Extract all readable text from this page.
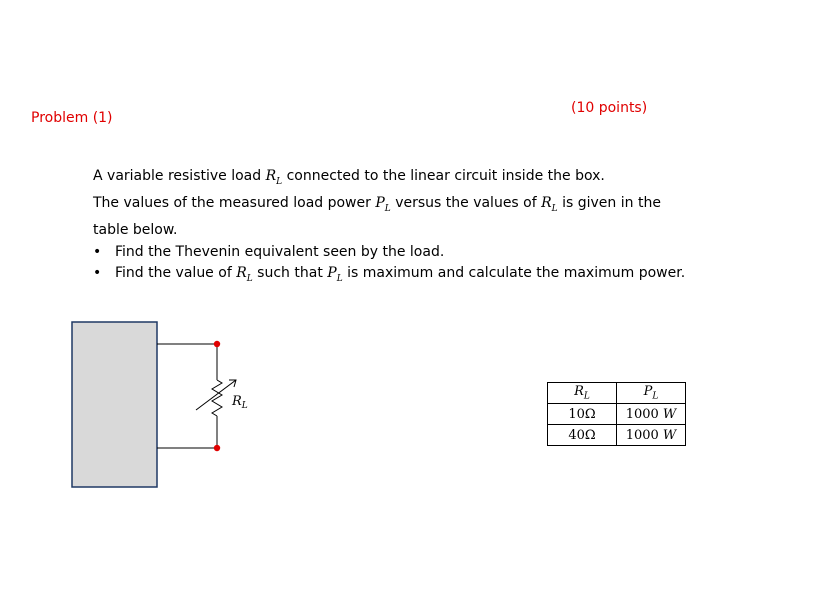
Problem (1)
(10 points)
A variable resistive load $R_L$ connected to the linear circuit inside the box.
The values of the measured load power $P_L$ versus the values of $R_L$ is given in the table below.
• Find the Thevenin equivalent seen by the load.
• Find the value of $R_L$ such that $P_L$ is maximum and calculate the maximum power.
$R_L$
$R_L$	$P_L$
10Ω	1000 W
40Ω	1000 W
